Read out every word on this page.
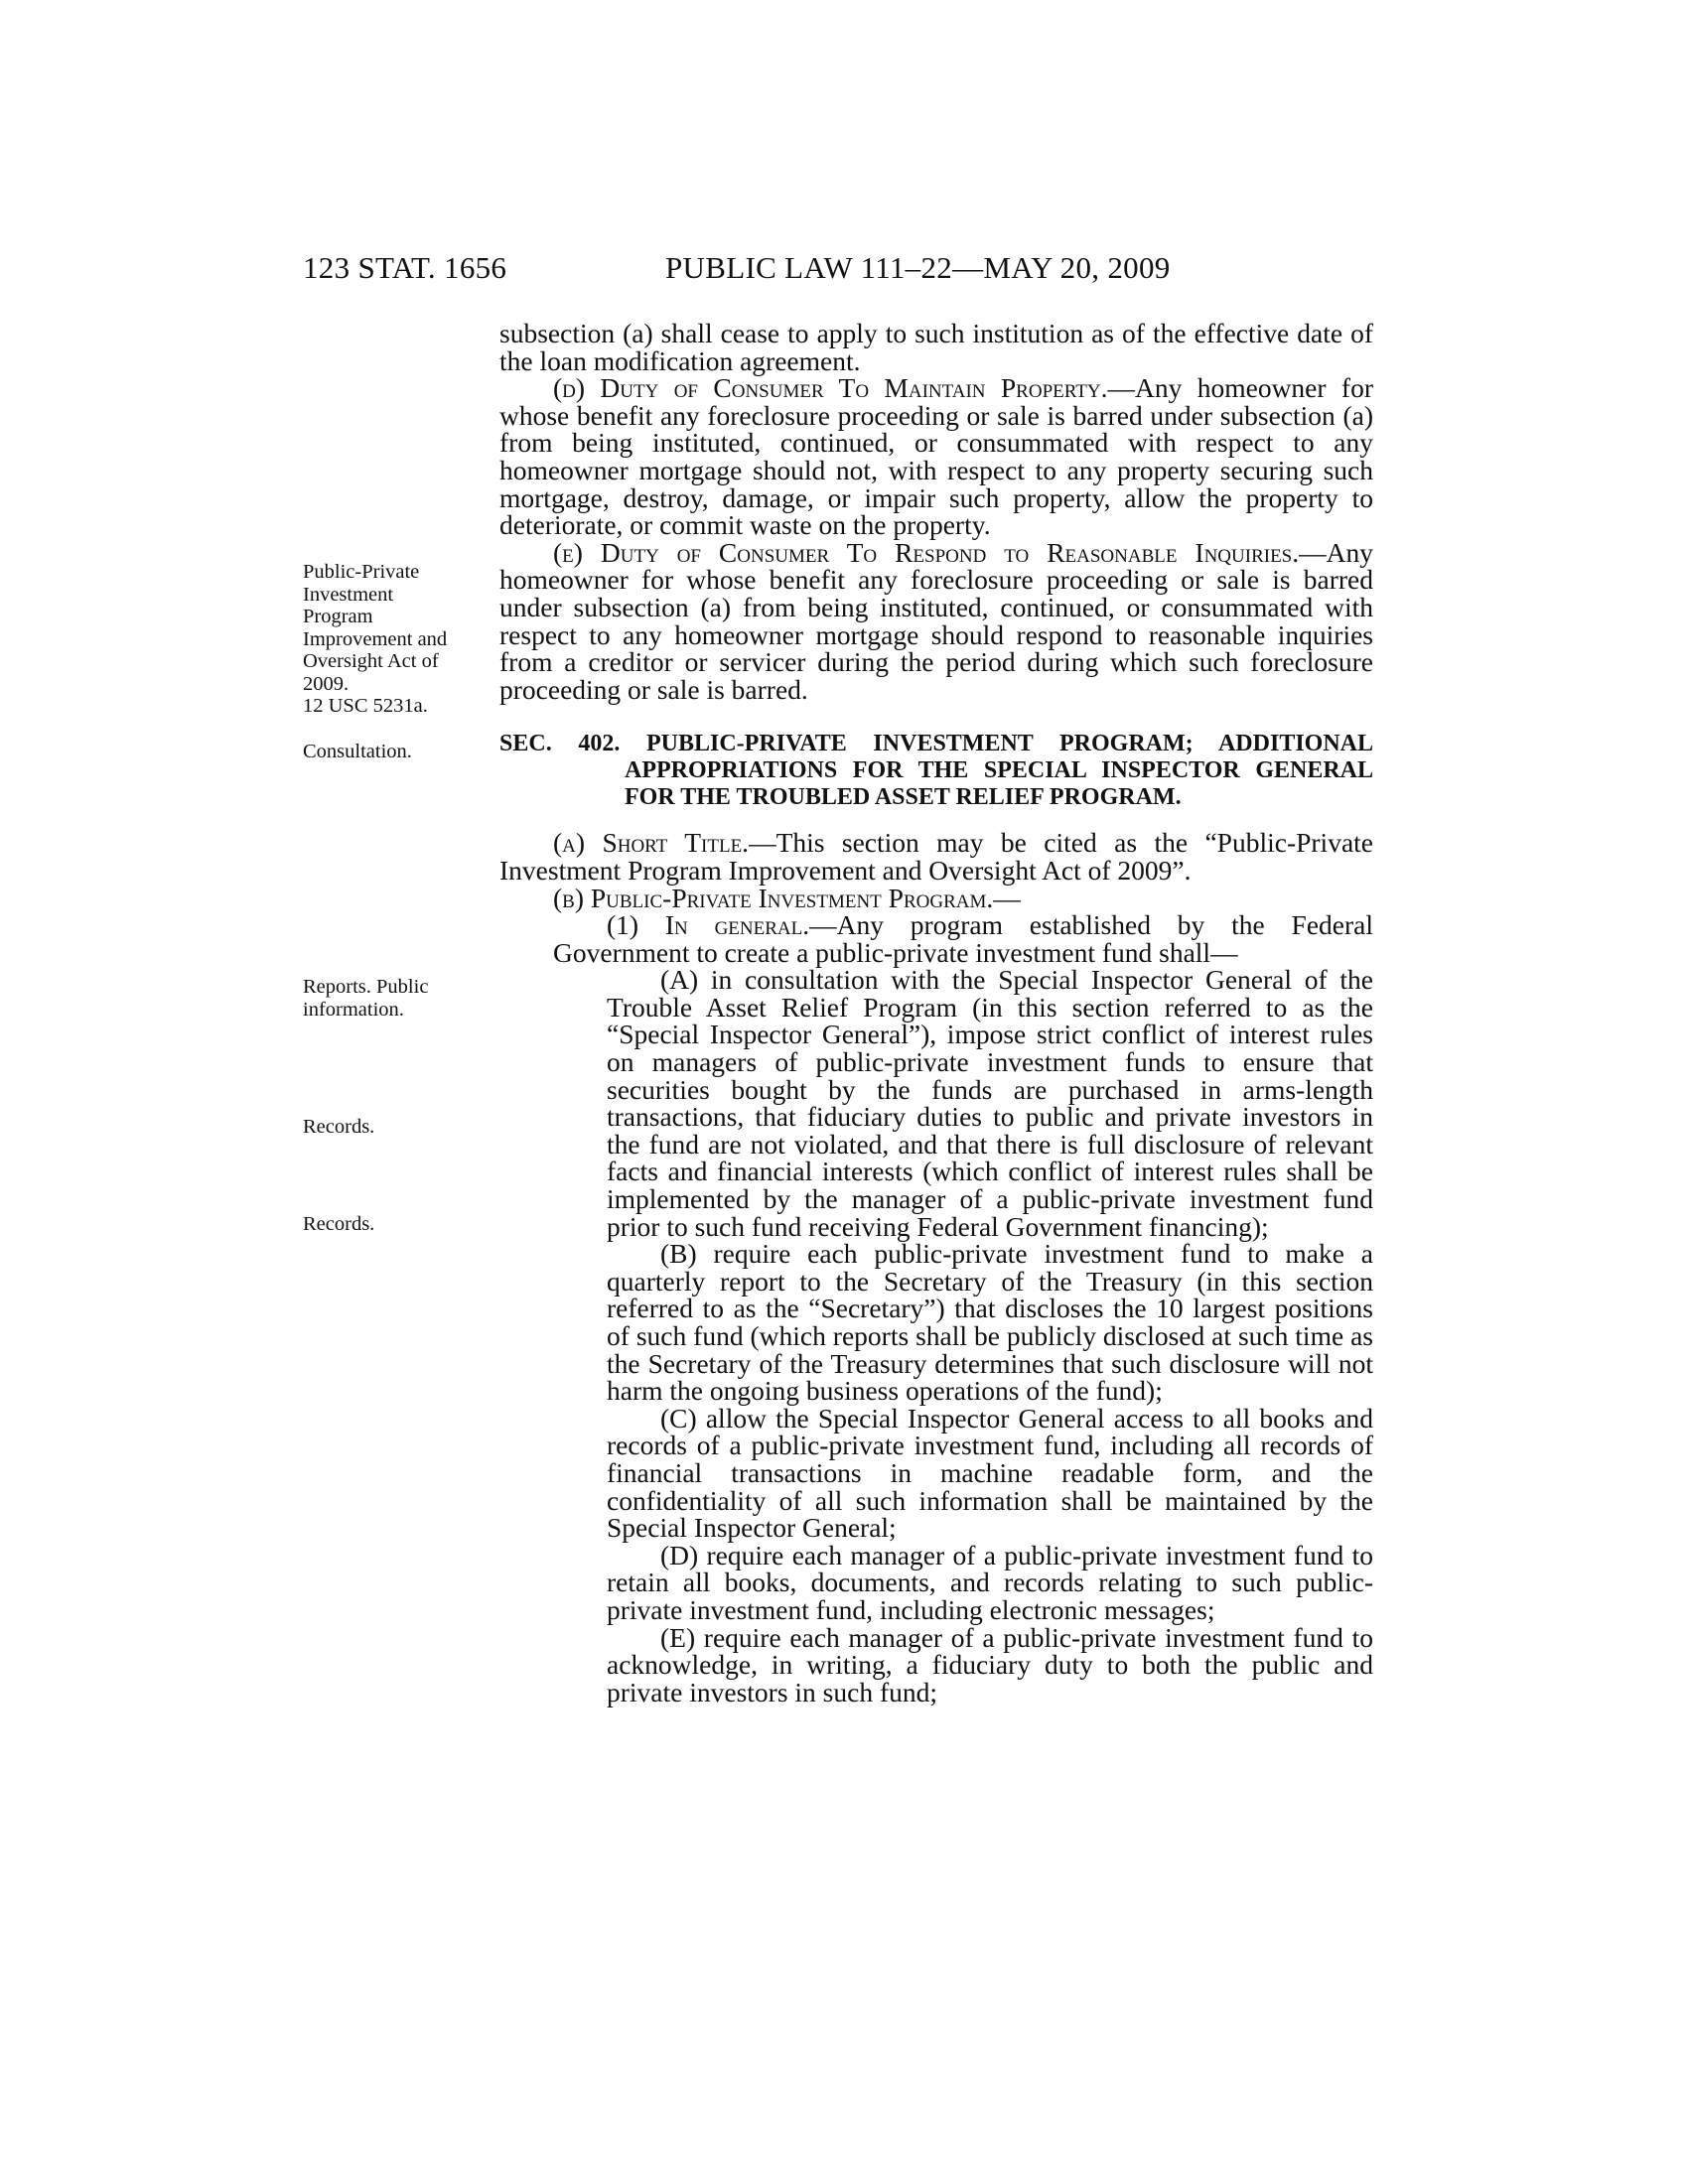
123 STAT. 1656	PUBLIC LAW 111–22—MAY 20, 2009
Public-Private Investment Program Improvement and Oversight Act of 2009.
12 USC 5231a.
Consultation.
Reports. Public information.
Records.
Records.

subsection (a) shall cease to apply to such institution as of the effective date of the loan modification agreement.

(d) Duty of Consumer To Maintain Property.—Any homeowner for whose benefit any foreclosure proceeding or sale is barred under subsection (a) from being instituted, continued, or consummated with respect to any homeowner mortgage should not, with respect to any property securing such mortgage, destroy, damage, or impair such property, allow the property to deteriorate, or commit waste on the property.

(e) Duty of Consumer To Respond to Reasonable Inquiries.—Any homeowner for whose benefit any foreclosure proceeding or sale is barred under subsection (a) from being instituted, continued, or consummated with respect to any homeowner mortgage should respond to reasonable inquiries from a creditor or servicer during the period during which such foreclosure proceeding or sale is barred.

SEC. 402. PUBLIC-PRIVATE INVESTMENT PROGRAM; ADDITIONAL APPROPRIATIONS FOR THE SPECIAL INSPECTOR GENERAL FOR THE TROUBLED ASSET RELIEF PROGRAM.

(a) Short Title.—This section may be cited as the “Public-Private Investment Program Improvement and Oversight Act of 2009”.

(b) Public-Private Investment Program.—

(1) In general.—Any program established by the Federal Government to create a public-private investment fund shall—

(A) in consultation with the Special Inspector General of the Trouble Asset Relief Program (in this section referred to as the “Special Inspector General”), impose strict conflict of interest rules on managers of public-private investment funds to ensure that securities bought by the funds are purchased in arms-length transactions, that fiduciary duties to public and private investors in the fund are not violated, and that there is full disclosure of relevant facts and financial interests (which conflict of interest rules shall be implemented by the manager of a public-private investment fund prior to such fund receiving Federal Government financing);

(B) require each public-private investment fund to make a quarterly report to the Secretary of the Treasury (in this section referred to as the “Secretary”) that discloses the 10 largest positions of such fund (which reports shall be publicly disclosed at such time as the Secretary of the Treasury determines that such disclosure will not harm the ongoing business operations of the fund);

(C) allow the Special Inspector General access to all books and records of a public-private investment fund, including all records of financial transactions in machine readable form, and the confidentiality of all such information shall be maintained by the Special Inspector General;

(D) require each manager of a public-private investment fund to retain all books, documents, and records relating to such public-private investment fund, including electronic messages;

(E) require each manager of a public-private investment fund to acknowledge, in writing, a fiduciary duty to both the public and private investors in such fund;
